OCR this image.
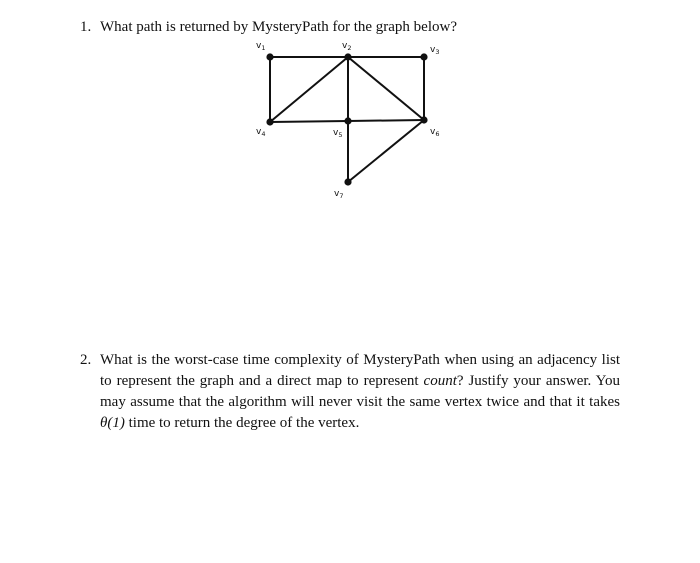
1. What path is returned by MysteryPath for the graph below?
$v_1$	$v_2$	$v_3$
$v_4$	$v_5$	$v_6$
$v_7$
2. What is the worst-case time complexity of MysteryPath when using an adjacency list to represent the graph and a direct map to represent count? Justify your answer. You may assume that the algorithm will never visit the same vertex twice and that it takes θ(1) time to return the degree of the vertex.
